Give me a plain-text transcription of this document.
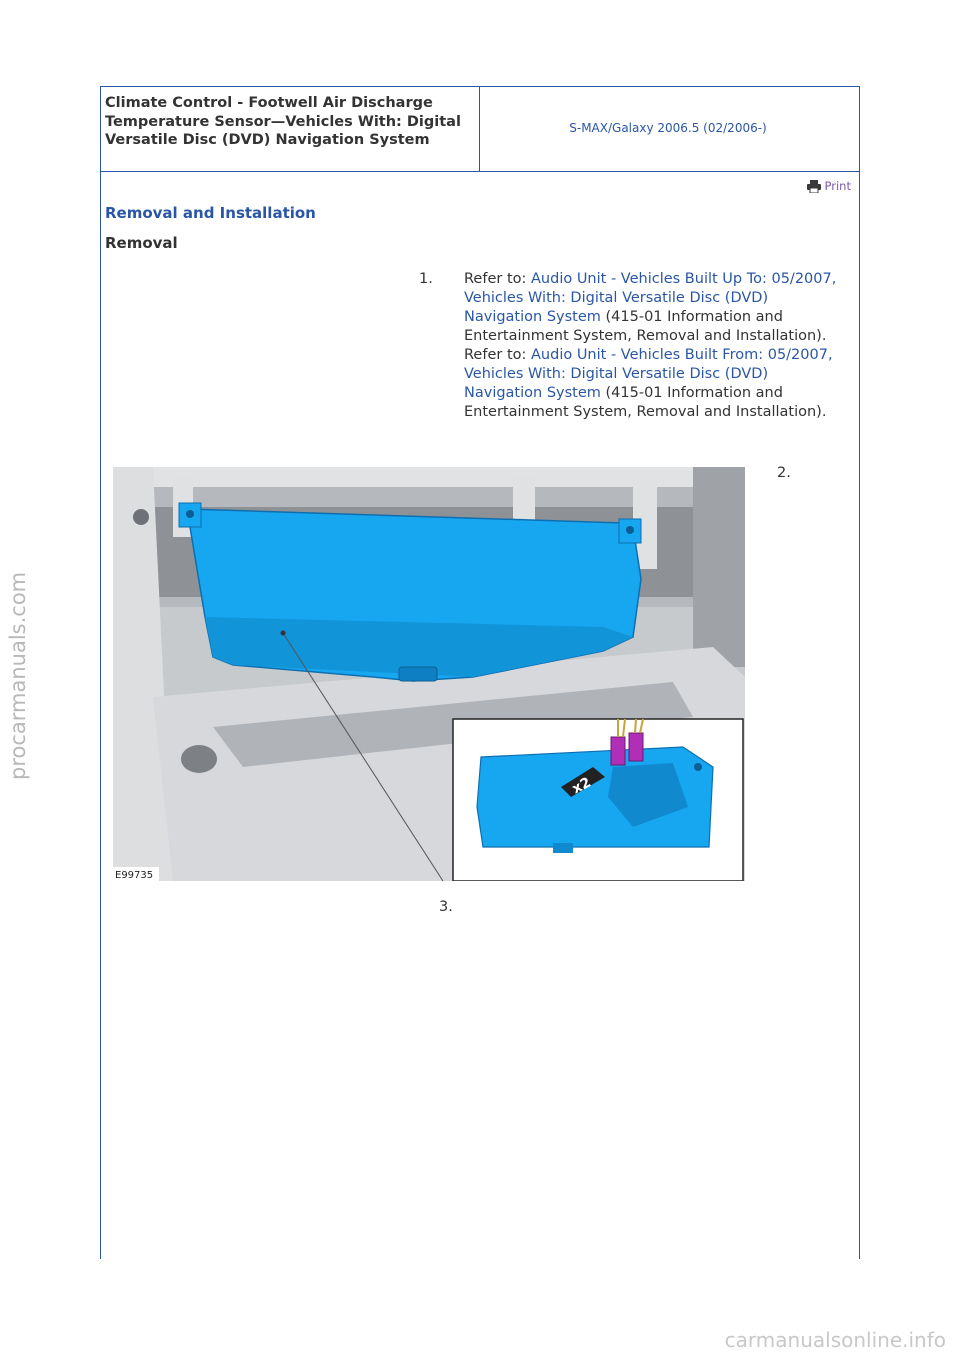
Climate Control - Footwell Air Discharge Temperature Sensor—Vehicles With: Digital Versatile Disc (DVD) Navigation System
S-MAX/Galaxy 2006.5 (02/2006-)
Print
Removal and Installation
Removal
1. Refer to: Audio Unit - Vehicles Built Up To: 05/2007, Vehicles With: Digital Versatile Disc (DVD) Navigation System (415-01 Information and Entertainment System, Removal and Installation).
Refer to: Audio Unit - Vehicles Built From: 05/2007, Vehicles With: Digital Versatile Disc (DVD) Navigation System (415-01 Information and Entertainment System, Removal and Installation).
2.
x2
E99735
3.
procarmanuals.com
carmanualsonline.info
